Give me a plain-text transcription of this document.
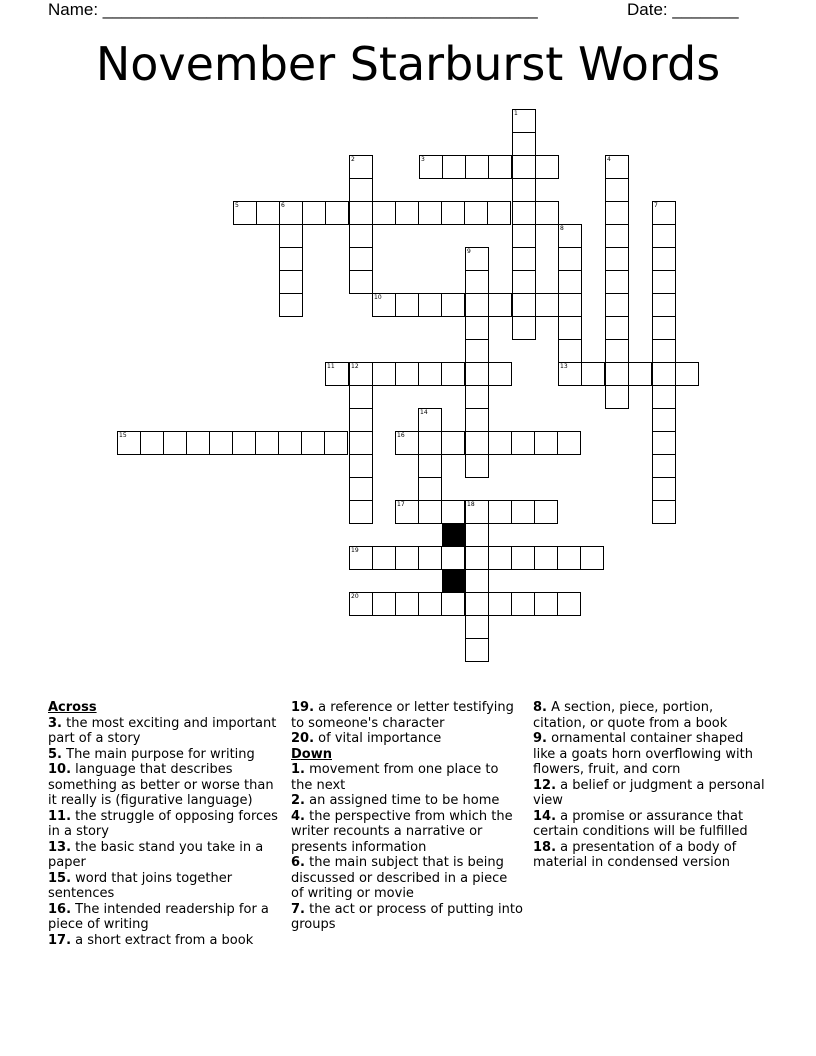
Name: ______________________________________________	Date: _______
November Starburst Words
1
2	3	4
5	6	7
8
9
10
11	12	13
14
15	16
17	18
19
20
Across
3. the most exciting and important part of a story
5. The main purpose for writing
10. language that describes something as better or worse than it really is (figurative language)
11. the struggle of opposing forces in a story
13. the basic stand you take in a paper
15. word that joins together sentences
16. The intended readership for a piece of writing
17. a short extract from a book
19. a reference or letter testifying to someone's character
20. of vital importance
Down
1. movement from one place to the next
2. an assigned time to be home
4. the perspective from which the writer recounts a narrative or presents information
6. the main subject that is being discussed or described in a piece of writing or movie
7. the act or process of putting into groups
8. A section, piece, portion, citation, or quote from a book
9. ornamental container shaped like a goats horn overflowing with flowers, fruit, and corn
12. a belief or judgment a personal view
14. a promise or assurance that certain conditions will be fulfilled
18. a presentation of a body of material in condensed version
